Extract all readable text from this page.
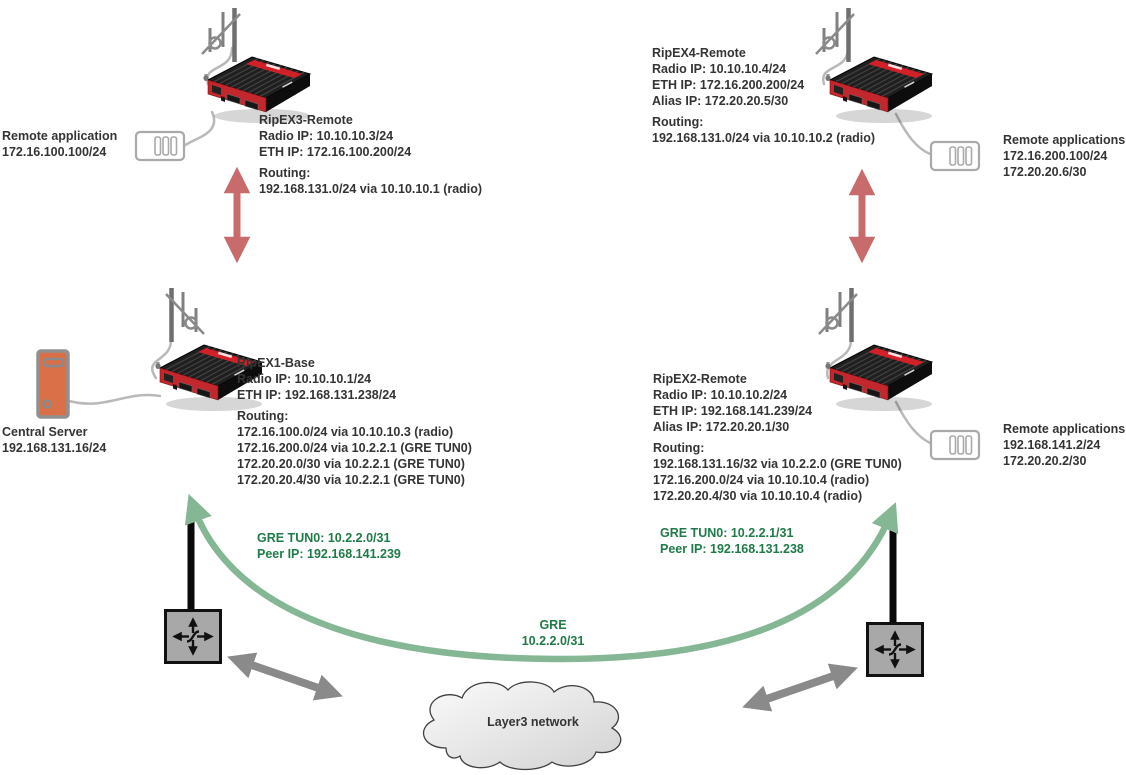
Remote application
172.16.100.100/24
RipEX3-Remote
Radio IP: 10.10.10.3/24
ETH IP: 172.16.100.200/24
Routing:
192.168.131.0/24 via 10.10.10.1 (radio)
RipEX4-Remote
Radio IP: 10.10.10.4/24
ETH IP: 172.16.200.200/24
Alias IP: 172.20.20.5/30
Routing:
192.168.131.0/24 via 10.10.10.2 (radio)	Remote applications
172.16.200.100/24
172.20.20.6/30
Central Server
192.168.131.16/24
RipEX1-Base
Radio IP: 10.10.10.1/24
ETH IP: 192.168.131.238/24
Routing:
172.16.100.0/24 via 10.10.10.3 (radio)
172.16.200.0/24 via 10.2.2.1 (GRE TUN0)
172.20.20.0/30 via 10.2.2.1 (GRE TUN0)
172.20.20.4/30 via 10.2.2.1 (GRE TUN0)
RipEX2-Remote
Radio IP: 10.10.10.2/24
ETH IP: 192.168.141.239/24
Alias IP: 172.20.20.1/30
Routing:
192.168.131.16/32 via 10.2.2.0 (GRE TUN0)
172.16.200.0/24 via 10.10.10.4 (radio)
172.20.20.4/30 via 10.10.10.4 (radio)
Remote applications
192.168.141.2/24
172.20.20.2/30
GRE TUN0: 10.2.2.0/31
Peer IP: 192.168.141.239
GRE TUN0: 10.2.2.1/31
Peer IP: 192.168.131.238
GRE
10.2.2.0/31
Layer3 network
